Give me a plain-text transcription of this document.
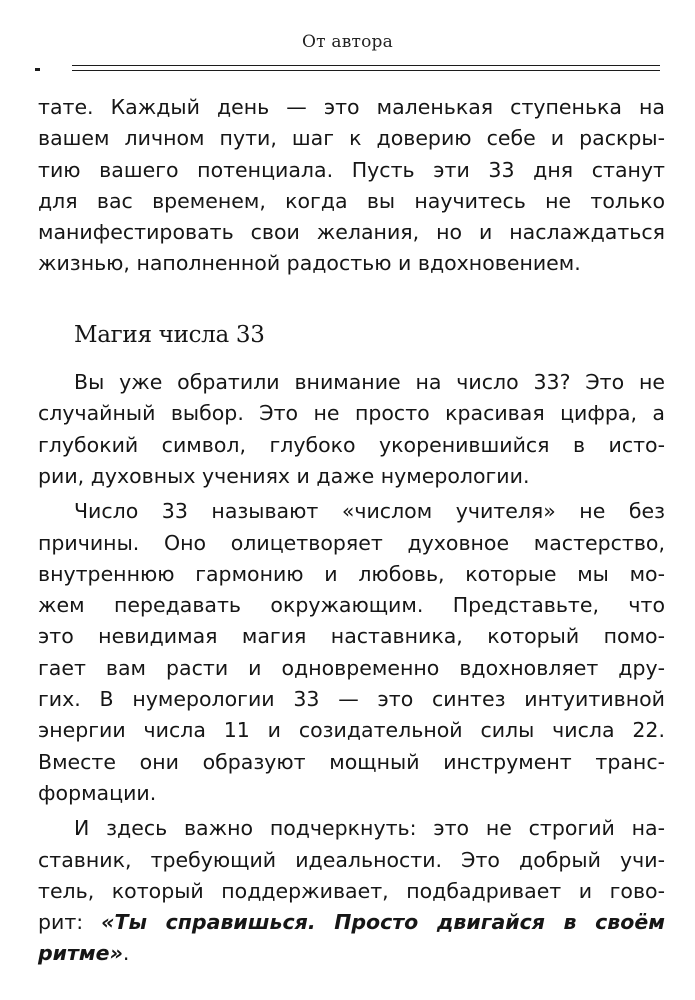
От автора

тате. Каждый день — это маленькая ступенька на
вашем личном пути, шаг к доверию себе и раскры-
тию вашего потенциала. Пусть эти 33 дня станут
для вас временем, когда вы научитесь не только
манифестировать свои желания, но и наслаждаться
жизнью, наполненной радостью и вдохновением.

Магия числа 33

Вы уже обратили внимание на число 33? Это не
случайный выбор. Это не просто красивая цифра, а
глубокий символ, глубоко укоренившийся в исто-
рии, духовных учениях и даже нумерологии.

Число 33 называют «числом учителя» не без
причины. Оно олицетворяет духовное мастерство,
внутреннюю гармонию и любовь, которые мы мо-
жем передавать окружающим. Представьте, что
это невидимая магия наставника, который помо-
гает вам расти и одновременно вдохновляет дру-
гих. В нумерологии 33 — это синтез интуитивной
энергии числа 11 и созидательной силы числа 22.
Вместе они образуют мощный инструмент транс-
формации.

И здесь важно подчеркнуть: это не строгий на-
ставник, требующий идеальности. Это добрый учи-
тель, который поддерживает, подбадривает и гово-
рит: «Ты справишься. Просто двигайся в своём
ритме».
